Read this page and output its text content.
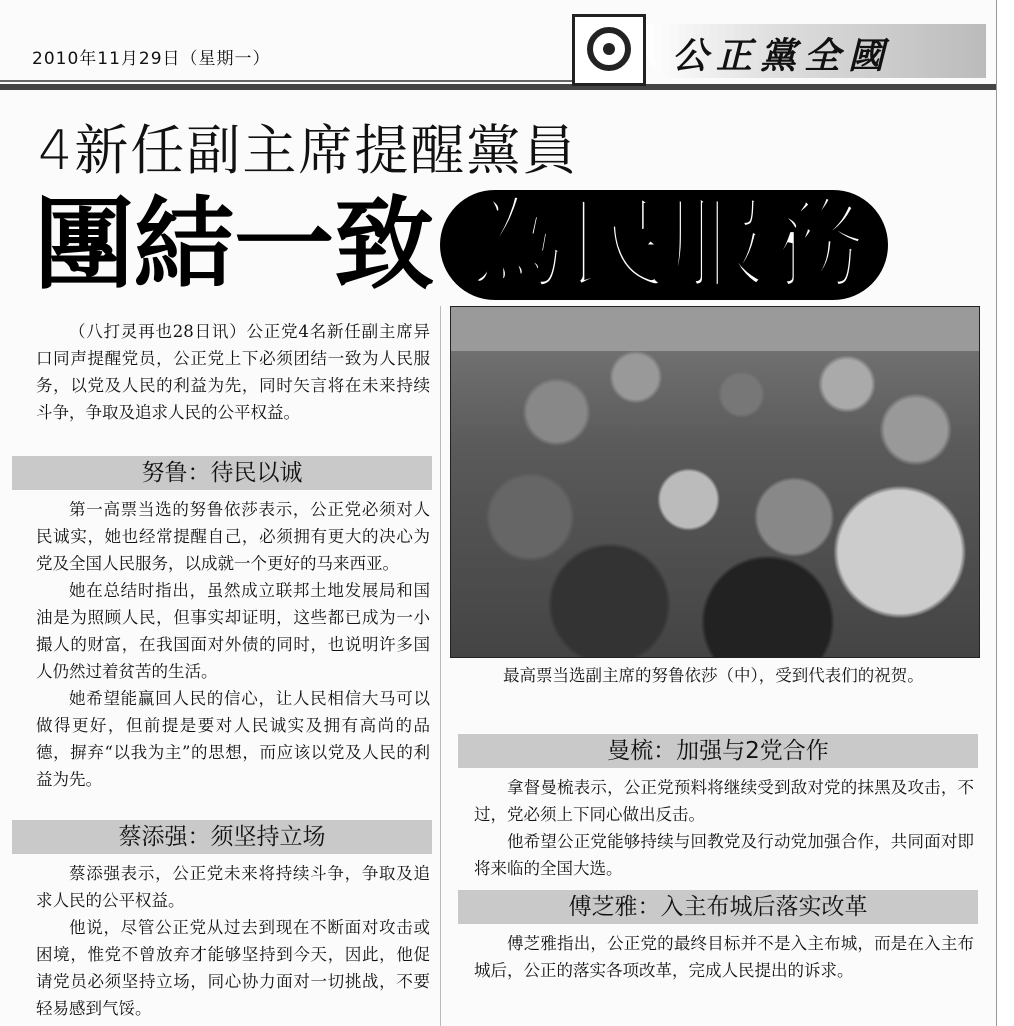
2010年11月29日（星期一）	公正黨全國
4新任副主席提醒黨員
團結一致 為民服務

（八打灵再也28日讯）公正党4名新任副主席异口同声提醒党员，公正党上下必须团结一致为人民服务，以党及人民的利益为先，同时矢言将在未来持续斗争，争取及追求人民的公平权益。

努鲁：待民以诚

第一高票当选的努鲁依莎表示，公正党必须对人民诚实，她也经常提醒自己，必须拥有更大的决心为党及全国人民服务，以成就一个更好的马来西亚。

她在总结时指出，虽然成立联邦土地发展局和国油是为照顾人民，但事实却证明，这些都已成为一小撮人的财富，在我国面对外债的同时，也说明许多国人仍然过着贫苦的生活。

她希望能赢回人民的信心，让人民相信大马可以做得更好，但前提是要对人民诚实及拥有高尚的品德，摒弃“以我为主”的思想，而应该以党及人民的利益为先。

蔡添强：须坚持立场

蔡添强表示，公正党未来将持续斗争，争取及追求人民的公平权益。

他说，尽管公正党从过去到现在不断面对攻击或困境，惟党不曾放弃才能够坚持到今天，因此，他促请党员必须坚持立场，同心协力面对一切挑战，不要轻易感到气馁。

最高票当选副主席的努鲁依莎（中），受到代表们的祝贺。

曼梳：加强与2党合作

拿督曼梳表示，公正党预料将继续受到敌对党的抹黑及攻击，不过，党必须上下同心做出反击。

他希望公正党能够持续与回教党及行动党加强合作，共同面对即将来临的全国大选。

傅芝雅：入主布城后落实改革

傅芝雅指出，公正党的最终目标并不是入主布城，而是在入主布城后，公正的落实各项改革，完成人民提出的诉求。
